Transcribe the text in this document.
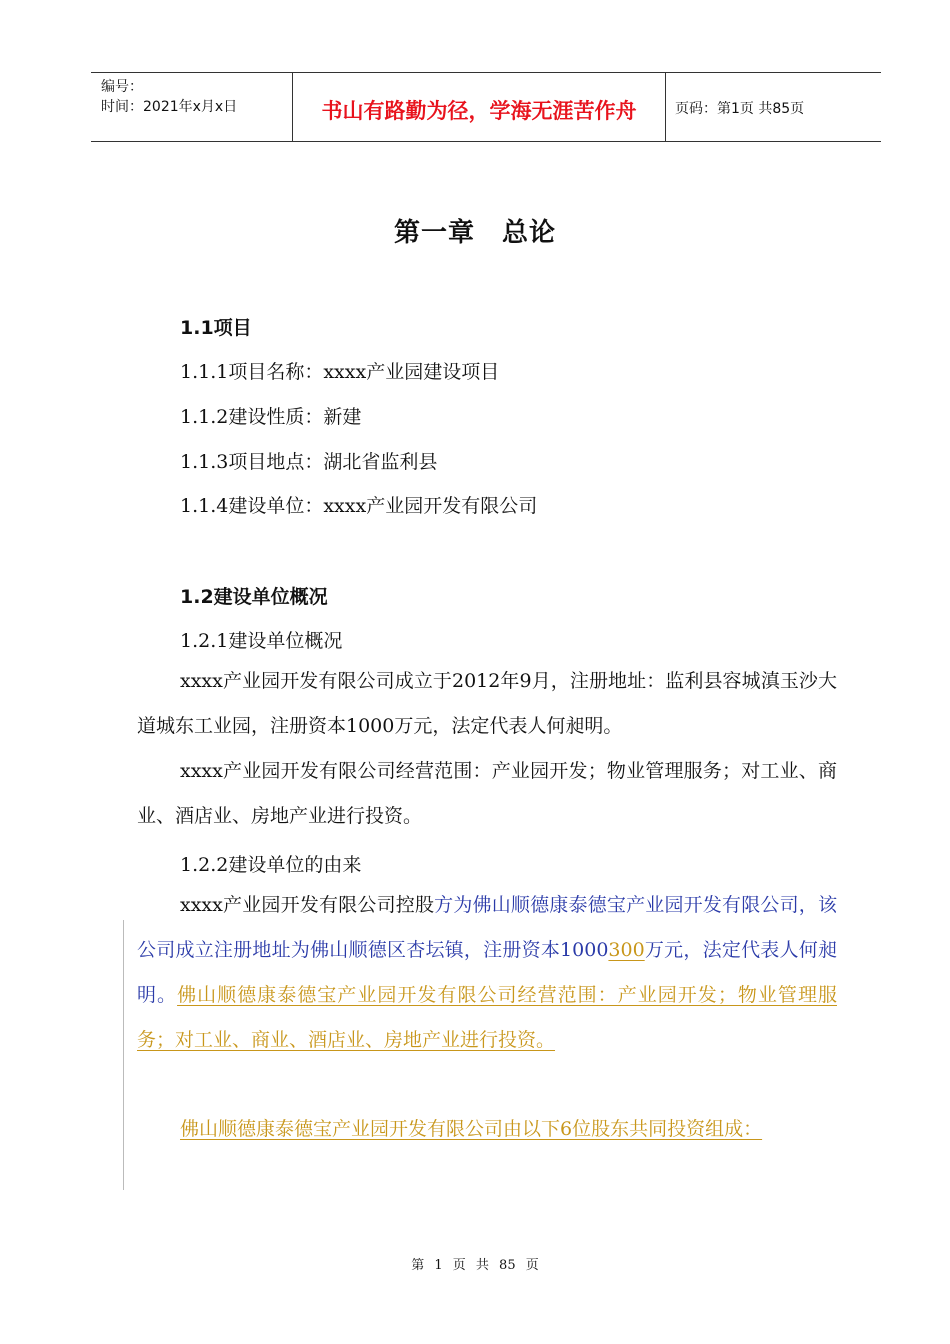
编号：
时间：2021年x月x日	书山有路勤为径，学海无涯苦作舟	页码：第1页 共85页
第一章　总论
1.1项目
1.1.1项目名称：xxxx产业园建设项目
1.1.2建设性质：新建
1.1.3项目地点：湖北省监利县
1.1.4建设单位：xxxx产业园开发有限公司
1.2建设单位概况
1.2.1建设单位概况
xxxx产业园开发有限公司成立于2012年9月，注册地址：监利县容城滇玉沙大道城东工业园，注册资本1000万元，法定代表人何昶明。
xxxx产业园开发有限公司经营范围：产业园开发；物业管理服务；对工业、商业、酒店业、房地产业进行投资。
1.2.2建设单位的由来
xxxx产业园开发有限公司控股方为佛山顺德康泰德宝产业园开发有限公司，该公司成立注册地址为佛山顺德区杏坛镇，注册资本1000300万元，法定代表人何昶明。佛山顺德康泰德宝产业园开发有限公司经营范围：产业园开发；物业管理服务；对工业、商业、酒店业、房地产业进行投资。
佛山顺德康泰德宝产业园开发有限公司由以下6位股东共同投资组成：
第 1 页 共 85 页
